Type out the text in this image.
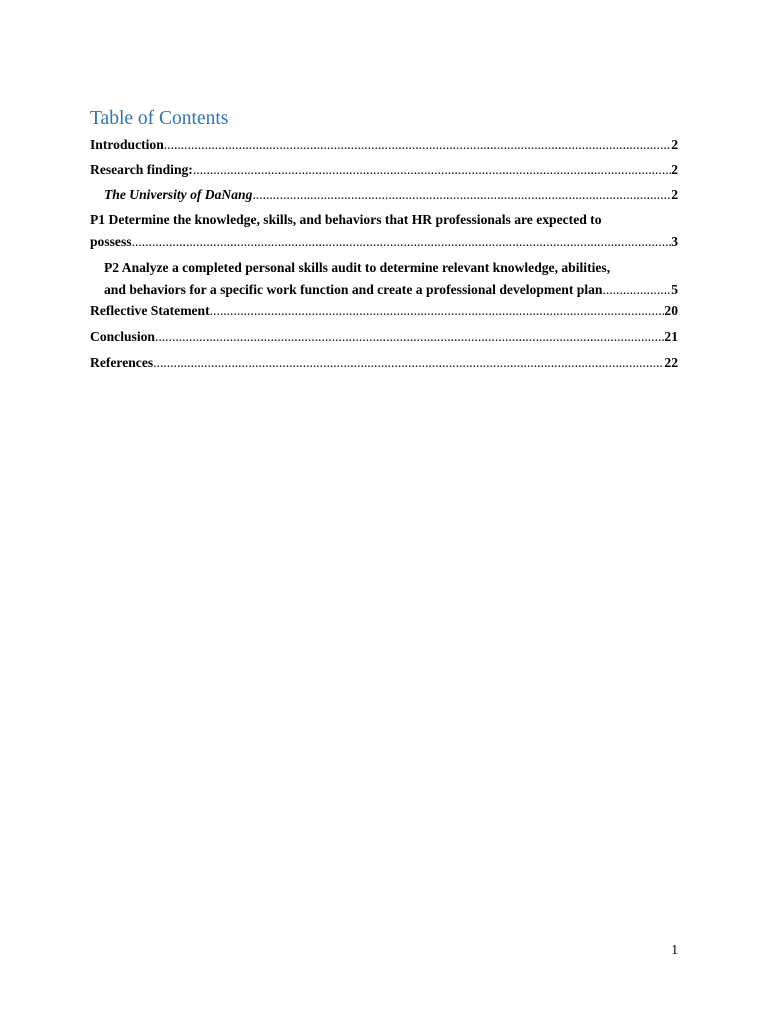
Table of Contents
Introduction .....	2
Research finding: .....	2
The University of DaNang .....	2
P1 Determine the knowledge, skills, and behaviors that HR professionals are expected to
possess .....	3
P2 Analyze a completed personal skills audit to determine relevant knowledge, abilities,
and behaviors for a specific work function and create a professional development plan .....	5
Reflective Statement .....	20
Conclusion .....	21
References .....	22
1
